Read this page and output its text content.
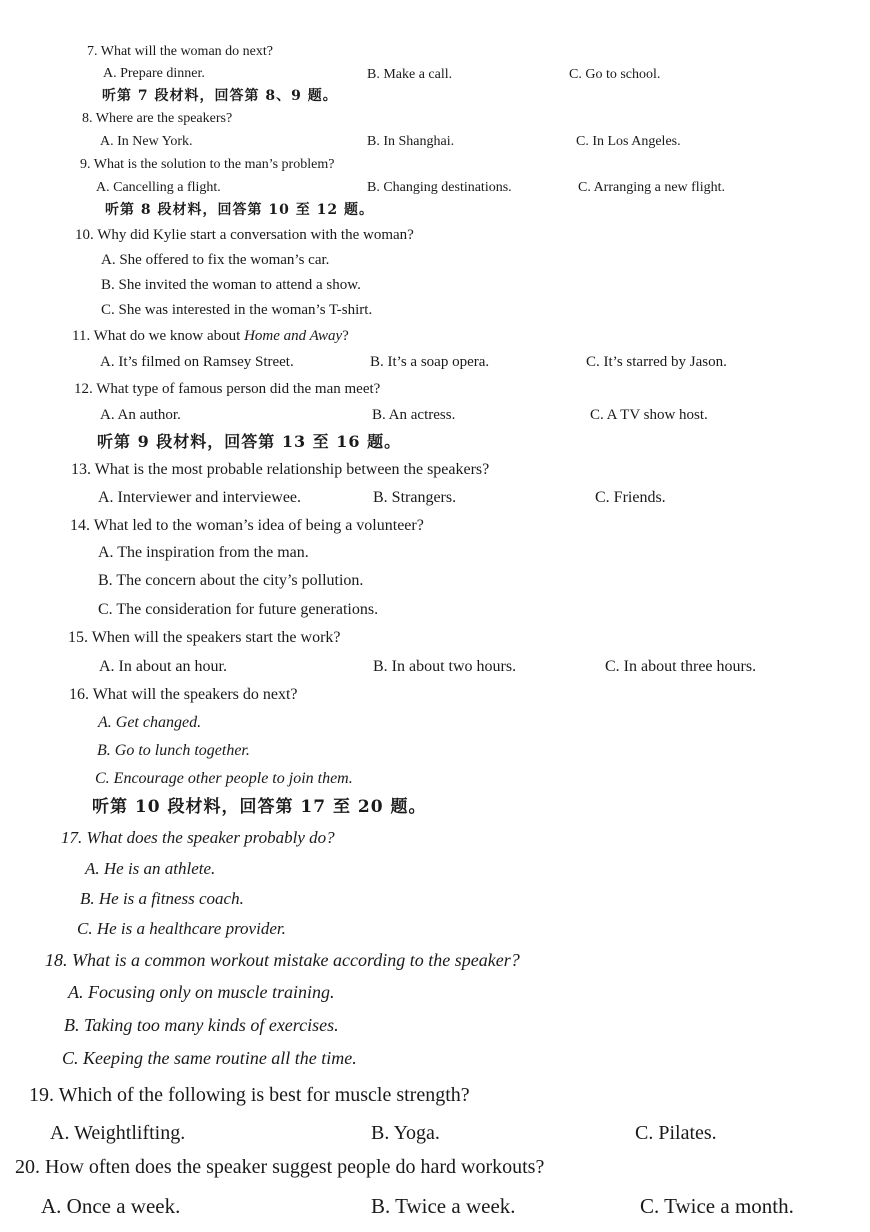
7. What will the woman do next?
A. Prepare dinner.	B. Make a call.	C. Go to school.
听第 7 段材料，回答第 8、9 题。
8. Where are the speakers?
A. In New York.	B. In Shanghai.	C. In Los Angeles.
9. What is the solution to the man’s problem?
A. Cancelling a flight.	B. Changing destinations.	C. Arranging a new flight.
听第 8 段材料，回答第 10 至 12 题。
10. Why did Kylie start a conversation with the woman?
A. She offered to fix the woman’s car.
B. She invited the woman to attend a show.
C. She was interested in the woman’s T-shirt.
11. What do we know about Home and Away?
A. It’s filmed on Ramsey Street.	B. It’s a soap opera.	C. It’s starred by Jason.
12. What type of famous person did the man meet?
A. An author.	B. An actress.	C. A TV show host.
听第 9 段材料，回答第 13 至 16 题。
13. What is the most probable relationship between the speakers?
A. Interviewer and interviewee.	B. Strangers.	C. Friends.
14. What led to the woman’s idea of being a volunteer?
A. The inspiration from the man.
B. The concern about the city’s pollution.
C. The consideration for future generations.
15. When will the speakers start the work?
A. In about an hour.	B. In about two hours.	C. In about three hours.
16. What will the speakers do next?
A. Get changed.
B. Go to lunch together.
C. Encourage other people to join them.
听第 10 段材料，回答第 17 至 20 题。
17. What does the speaker probably do?
A. He is an athlete.
B. He is a fitness coach.
C. He is a healthcare provider.
18. What is a common workout mistake according to the speaker?
A. Focusing only on muscle training.
B. Taking too many kinds of exercises.
C. Keeping the same routine all the time.
19. Which of the following is best for muscle strength?
A. Weightlifting.	B. Yoga.	C. Pilates.
20. How often does the speaker suggest people do hard workouts?
A. Once a week.	B. Twice a week.	C. Twice a month.
